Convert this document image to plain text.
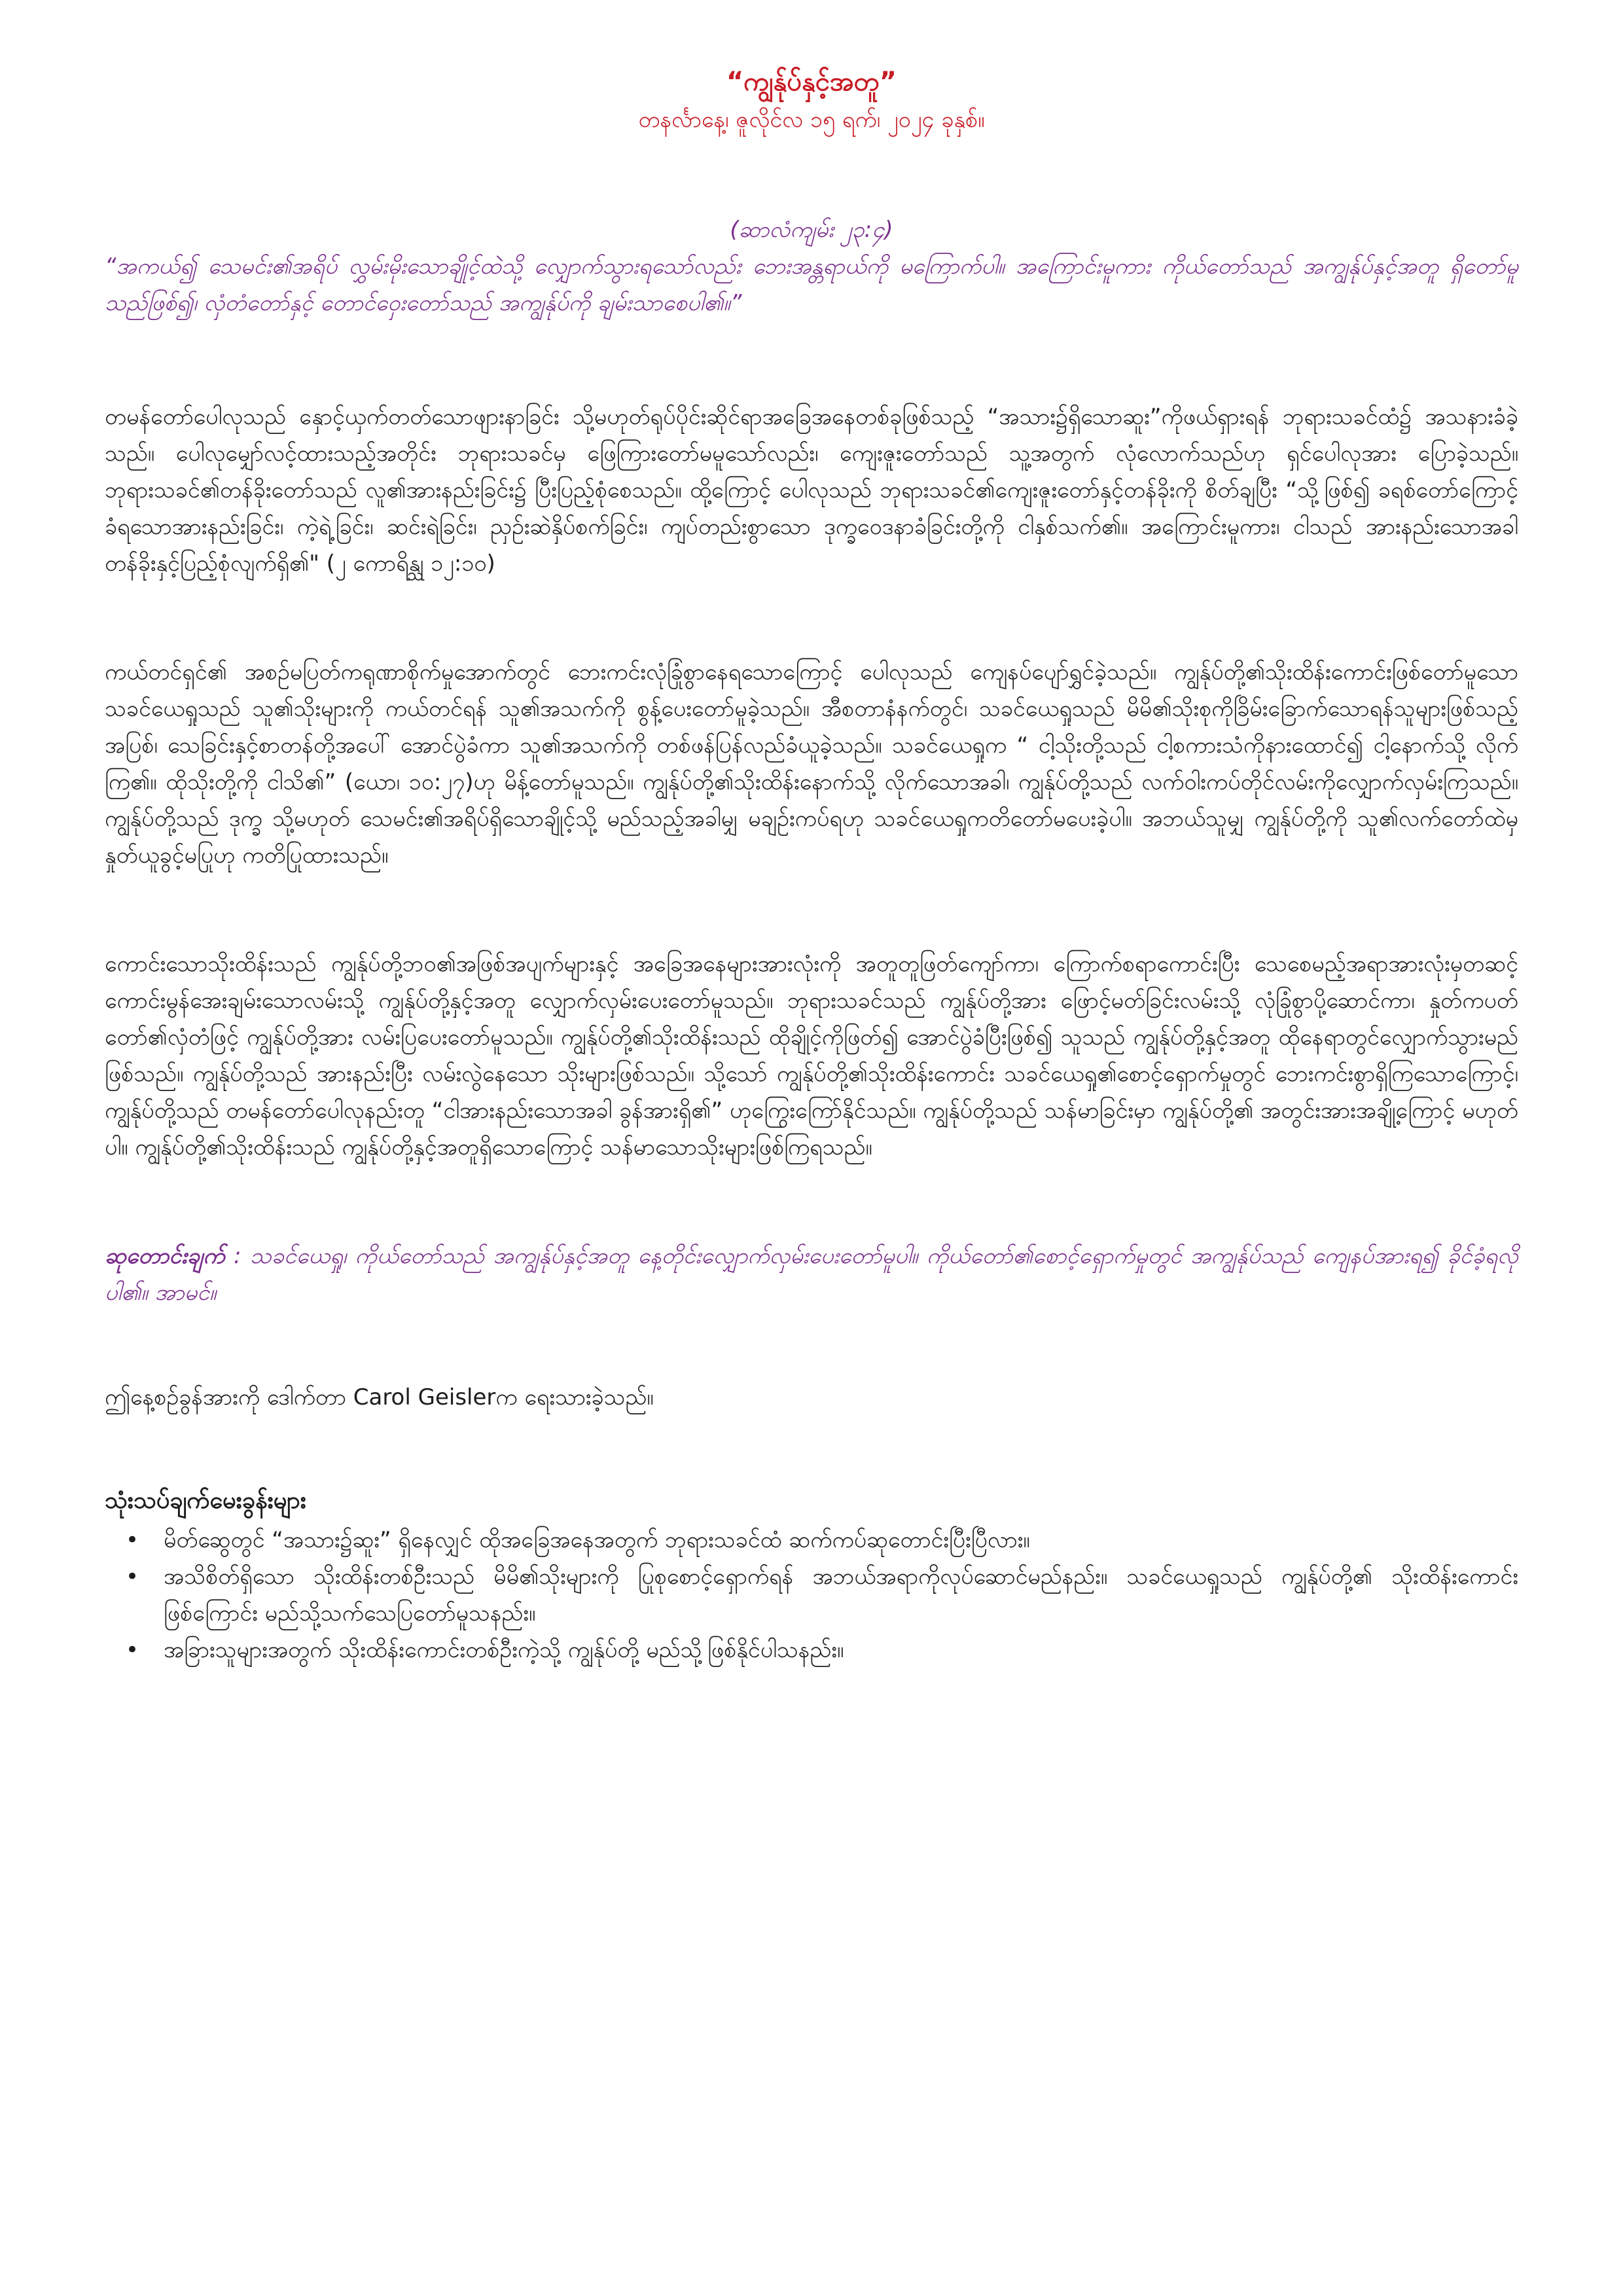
“ကျွန်ုပ်နှင့်အတူ”

တနင်္လာနေ့၊ ဇူလိုင်လ ၁၅ ရက်၊ ၂၀၂၄ ခုနှစ်။

(ဆာလံကျမ်း ၂၃:၄)

“အကယ်၍ သေမင်း၏အရိပ် လွှမ်းမိုးသောချိုင့်ထဲသို့ လျှောက်သွားရသော်လည်း ဘေးအန္တရာယ်ကို မကြောက်ပါ။ အကြောင်းမူကား ကိုယ်တော်သည် အကျွန်ုပ်နှင့်အတူ ရှိတော်မူသည်ဖြစ်၍၊ လှံတံတော်နှင့် တောင်ဝှေးတော်သည် အကျွန်ုပ်ကို ချမ်းသာစေပါ၏။”

တမန်တော်ပေါလုသည် နှောင့်ယှက်တတ်သောဖျားနာခြင်း သို့မဟုတ်ရုပ်ပိုင်းဆိုင်ရာအခြေအနေတစ်ခုဖြစ်သည့် “အသား၌ရှိသောဆူး”ကိုဖယ်ရှားရန် ဘုရားသခင်ထံ၌ အသနားခံခဲ့သည်။ ပေါလုမျှော်လင့်ထားသည့်အတိုင်း ဘုရားသခင်မှ ဖြေကြားတော်မမူသော်လည်း၊ ကျေးဇူးတော်သည် သူ့အတွက် လုံလောက်သည်ဟု ရှင်ပေါလုအား ပြောခဲ့သည်။ ဘုရားသခင်၏တန်ခိုးတော်သည် လူ၏အားနည်းခြင်း၌ ပြီးပြည့်စုံစေသည်။ ထို့ကြောင့် ပေါလုသည် ဘုရားသခင်၏ကျေးဇူးတော်နှင့်တန်ခိုးကို စိတ်ချပြီး “သို့ဖြစ်၍ ခရစ်တော်ကြောင့် ခံရသောအားနည်းခြင်း၊ ကဲ့ရဲ့ခြင်း၊ ဆင်းရဲခြင်း၊ ညှဉ်းဆဲနှိပ်စက်ခြင်း၊ ကျပ်တည်းစွာသော ဒုက္ခဝေဒနာခံခြင်းတို့ကို ငါနှစ်သက်၏။ အကြောင်းမူကား၊ ငါသည် အားနည်းသောအခါ တန်ခိုးနှင့်ပြည့်စုံလျက်ရှိ၏" (၂ ကောရိန္သု ၁၂:၁၀)

ကယ်တင်ရှင်၏ အစဉ်မပြတ်ကရုဏာစိုက်မှုအောက်တွင် ဘေးကင်းလုံခြုံစွာနေရသောကြောင့် ပေါလုသည် ကျေနပ်ပျော်ရွှင်ခဲ့သည်။ ကျွန်ုပ်တို့၏သိုးထိန်းကောင်းဖြစ်တော်မူသော သခင်ယေရှုသည် သူ၏သိုးများကို ကယ်တင်ရန် သူ၏အသက်ကို စွန့်ပေးတော်မူခဲ့သည်။ အီစတာနံနက်တွင်၊ သခင်ယေရှုသည် မိမိ၏သိုးစုကိုခြိမ်းခြောက်သောရန်သူများဖြစ်သည့် အပြစ်၊ သေခြင်းနှင့်စာတန်တို့အပေါ် အောင်ပွဲခံကာ သူ၏အသက်ကို တစ်ဖန်ပြန်လည်ခံယူခဲ့သည်။ သခင်ယေရှုက “ ငါ့သိုးတို့သည် ငါ့စကားသံကိုနားထောင်၍ ငါ့နောက်သို့ လိုက်ကြ၏။ ထိုသိုးတို့ကို ငါသိ၏” (ယော၊ ၁၀:၂၇)ဟု မိန့်တော်မူသည်။ ကျွန်ုပ်တို့၏သိုးထိန်းနောက်သို့ လိုက်သောအခါ၊ ကျွန်ုပ်တို့သည် လက်ဝါးကပ်တိုင်လမ်းကိုလျှောက်လှမ်းကြသည်။ ကျွန်ုပ်တို့သည် ဒုက္ခ သို့မဟုတ် သေမင်း၏အရိပ်ရှိသောချိုင့်သို့ မည်သည့်အခါမျှ မချဉ်းကပ်ရဟု သခင်ယေရှုကတိတော်မပေးခဲ့ပါ။ အဘယ်သူမျှ ကျွန်ုပ်တို့ကို သူ၏လက်တော်ထဲမှ နှုတ်ယူခွင့်မပြုဟု ကတိပြုထားသည်။

ကောင်းသောသိုးထိန်းသည် ကျွန်ုပ်တို့ဘဝ၏အဖြစ်အပျက်များနှင့် အခြေအနေများအားလုံးကို အတူတူဖြတ်ကျော်ကာ၊ ကြောက်စရာကောင်းပြီး သေစေမည့်အရာအားလုံးမှတဆင့် ကောင်းမွန်အေးချမ်းသောလမ်းသို့ ကျွန်ုပ်တို့နှင့်အတူ လျှောက်လှမ်းပေးတော်မူသည်။ ဘုရားသခင်သည် ကျွန်ုပ်တို့အား ဖြောင့်မတ်ခြင်းလမ်းသို့ လုံခြုံစွာပို့ဆောင်ကာ၊ နှုတ်ကပတ်တော်၏လှံတံဖြင့် ကျွန်ုပ်တို့အား လမ်းပြပေးတော်မူသည်။ ကျွန်ုပ်တို့၏သိုးထိန်းသည် ထိုချိုင့်ကိုဖြတ်၍ အောင်ပွဲခံပြီးဖြစ်၍ သူသည် ကျွန်ုပ်တို့နှင့်အတူ ထိုနေရာတွင်လျှောက်သွားမည်ဖြစ်သည်။ ကျွန်ုပ်တို့သည် အားနည်းပြီး လမ်းလွဲနေသော သိုးများဖြစ်သည်။ သို့သော် ကျွန်ုပ်တို့၏သိုးထိန်းကောင်း သခင်ယေရှု၏စောင့်ရှောက်မှုတွင် ဘေးကင်းစွာရှိကြသောကြောင့်၊ ကျွန်ုပ်တို့သည် တမန်တော်ပေါလုနည်းတူ “ငါအားနည်းသောအခါ ခွန်အားရှိ၏” ဟုကြွေးကြော်နိုင်သည်။ ကျွန်ုပ်တို့သည် သန်မာခြင်းမှာ ကျွန်ုပ်တို့၏ အတွင်းအားအချို့ကြောင့် မဟုတ်ပါ။ ကျွန်ုပ်တို့၏သိုးထိန်းသည် ကျွန်ုပ်တို့နှင့်အတူရှိသောကြောင့် သန်မာသောသိုးများဖြစ်ကြရသည်။

ဆုတောင်းချက် : သခင်ယေရှု၊ ကိုယ်တော်သည် အကျွန်ုပ်နှင့်အတူ နေ့တိုင်းလျှောက်လှမ်းပေးတော်မူပါ။ ကိုယ်တော်၏စောင့်ရှောက်မှုတွင် အကျွန်ုပ်သည် ကျေနပ်အားရ၍ ခိုင်ခံ့ရလိုပါ၏။ အာမင်။

ဤနေ့စဉ်ခွန်အားကို ဒေါက်တာ Carol Geislerက ရေးသားခဲ့သည်။

သုံးသပ်ချက်မေးခွန်းများ

• မိတ်ဆွေတွင် “အသား၌ဆူး” ရှိနေလျှင် ထိုအခြေအနေအတွက် ဘုရားသခင်ထံ ဆက်ကပ်ဆုတောင်းပြီးပြီလား။
• အသိစိတ်ရှိသော သိုးထိန်းတစ်ဦးသည် မိမိ၏သိုးများကို ပြုစုစောင့်ရှောက်ရန် အဘယ်အရာကိုလုပ်ဆောင်မည်နည်း။ သခင်ယေရှုသည် ကျွန်ုပ်တို့၏ သိုးထိန်းကောင်းဖြစ်ကြောင်း မည်သို့သက်သေပြတော်မူသနည်း။
• အခြားသူများအတွက် သိုးထိန်းကောင်းတစ်ဦးကဲ့သို့ ကျွန်ုပ်တို့ မည်သို့ဖြစ်နိုင်ပါသနည်း။
